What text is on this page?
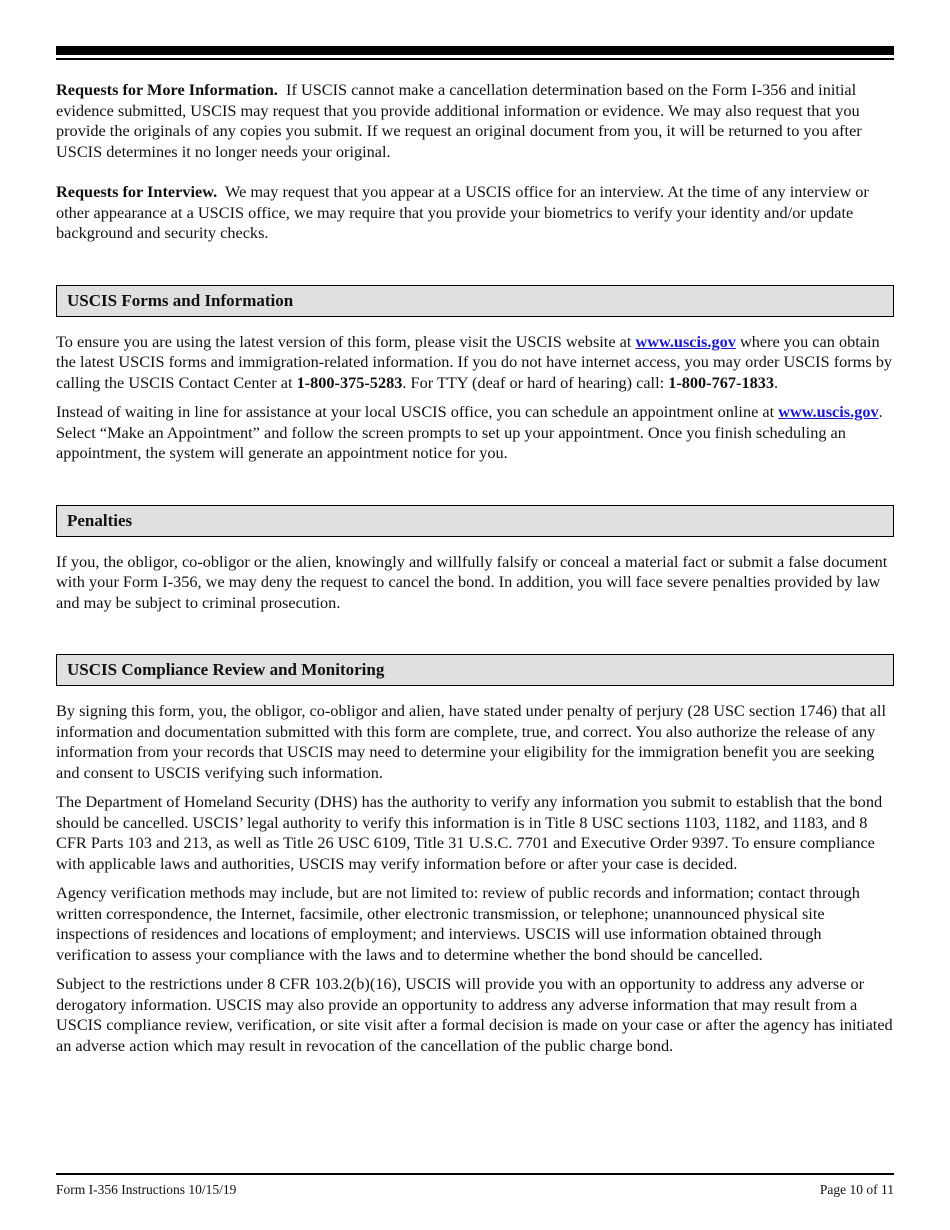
Requests for More Information. If USCIS cannot make a cancellation determination based on the Form I-356 and initial evidence submitted, USCIS may request that you provide additional information or evidence. We may also request that you provide the originals of any copies you submit. If we request an original document from you, it will be returned to you after USCIS determines it no longer needs your original.

Requests for Interview. We may request that you appear at a USCIS office for an interview. At the time of any interview or other appearance at a USCIS office, we may require that you provide your biometrics to verify your identity and/or update background and security checks.

USCIS Forms and Information

To ensure you are using the latest version of this form, please visit the USCIS website at www.uscis.gov where you can obtain the latest USCIS forms and immigration-related information. If you do not have internet access, you may order USCIS forms by calling the USCIS Contact Center at 1-800-375-5283. For TTY (deaf or hard of hearing) call: 1-800-767-1833.

Instead of waiting in line for assistance at your local USCIS office, you can schedule an appointment online at www.uscis.gov. Select “Make an Appointment” and follow the screen prompts to set up your appointment. Once you finish scheduling an appointment, the system will generate an appointment notice for you.

Penalties

If you, the obligor, co-obligor or the alien, knowingly and willfully falsify or conceal a material fact or submit a false document with your Form I-356, we may deny the request to cancel the bond. In addition, you will face severe penalties provided by law and may be subject to criminal prosecution.

USCIS Compliance Review and Monitoring

By signing this form, you, the obligor, co-obligor and alien, have stated under penalty of perjury (28 USC section 1746) that all information and documentation submitted with this form are complete, true, and correct. You also authorize the release of any information from your records that USCIS may need to determine your eligibility for the immigration benefit you are seeking and consent to USCIS verifying such information.

The Department of Homeland Security (DHS) has the authority to verify any information you submit to establish that the bond should be cancelled. USCIS’ legal authority to verify this information is in Title 8 USC sections 1103, 1182, and 1183, and 8 CFR Parts 103 and 213, as well as Title 26 USC 6109, Title 31 U.S.C. 7701 and Executive Order 9397. To ensure compliance with applicable laws and authorities, USCIS may verify information before or after your case is decided.

Agency verification methods may include, but are not limited to: review of public records and information; contact through written correspondence, the Internet, facsimile, other electronic transmission, or telephone; unannounced physical site inspections of residences and locations of employment; and interviews. USCIS will use information obtained through verification to assess your compliance with the laws and to determine whether the bond should be cancelled.

Subject to the restrictions under 8 CFR 103.2(b)(16), USCIS will provide you with an opportunity to address any adverse or derogatory information. USCIS may also provide an opportunity to address any adverse information that may result from a USCIS compliance review, verification, or site visit after a formal decision is made on your case or after the agency has initiated an adverse action which may result in revocation of the cancellation of the public charge bond.

Form I-356 Instructions 10/15/19	Page 10 of 11
